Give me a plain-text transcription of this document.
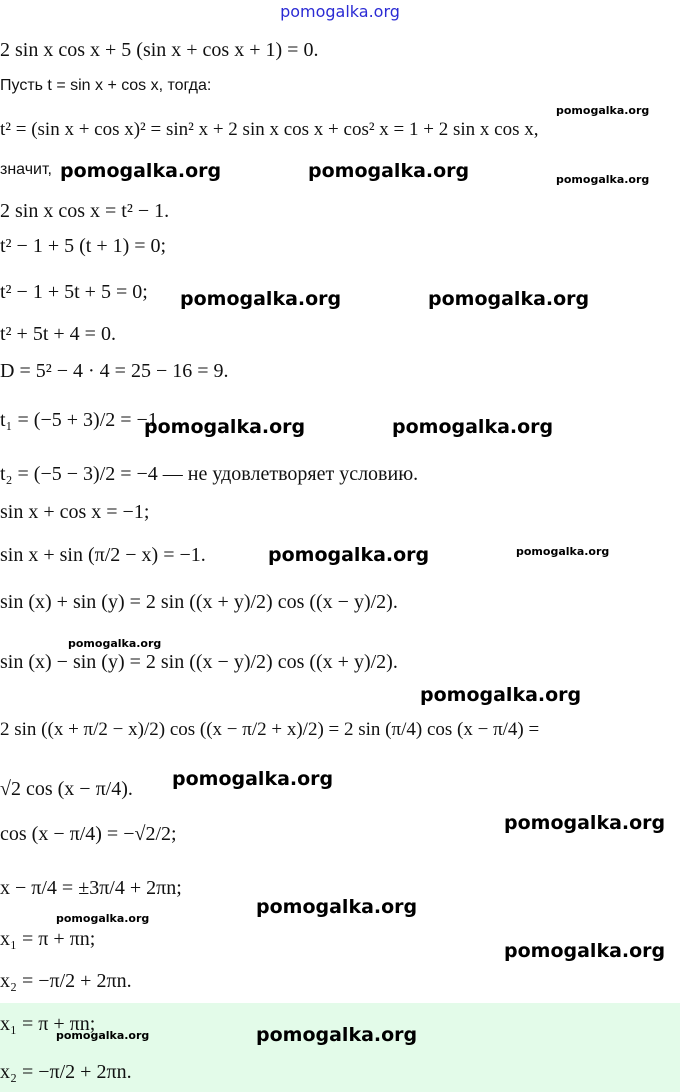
pomogalka.org
2 sin x cos x + 5 (sin x + cos x + 1) = 0.
Пусть t = sin x + cos x, тогда:
t² = (sin x + cos x)² = sin² x + 2 sin x cos x + cos² x = 1 + 2 sin x cos x,
значит,
2 sin x cos x = t² − 1.
t² − 1 + 5 (t + 1) = 0;
t² − 1 + 5t + 5 = 0;
t² + 5t + 4 = 0.
D = 5² − 4 · 4 = 25 − 16 = 9.
t₁ = (−5 + 3)/2 = −1.
t₂ = (−5 − 3)/2 = −4 — не удовлетворяет условию.
sin x + cos x = −1;
sin x + sin (π/2 − x) = −1.
sin (x) + sin (y) = 2 sin ((x + y)/2) cos ((x − y)/2).
sin (x) − sin (y) = 2 sin ((x − y)/2) cos ((x + y)/2).
2 sin ((x + π/2 − x)/2) cos ((x − π/2 + x)/2) = 2 sin (π/4) cos (x − π/4) =
√2 cos (x − π/4).
cos (x − π/4) = −√2/2;
x − π/4 = ±3π/4 + 2πn;
x₁ = π + πn;
x₂ = −π/2 + 2πn.
x₁ = π + πn;
x₂ = −π/2 + 2πn.
pomogalka.org
pomogalka.org	pomogalka.org	pomogalka.org
pomogalka.org	pomogalka.org
pomogalka.org	pomogalka.org
pomogalka.org	pomogalka.org
pomogalka.org
pomogalka.org
pomogalka.org
pomogalka.org
pomogalka.org
pomogalka.org
pomogalka.org
pomogalka.org	pomogalka.org
